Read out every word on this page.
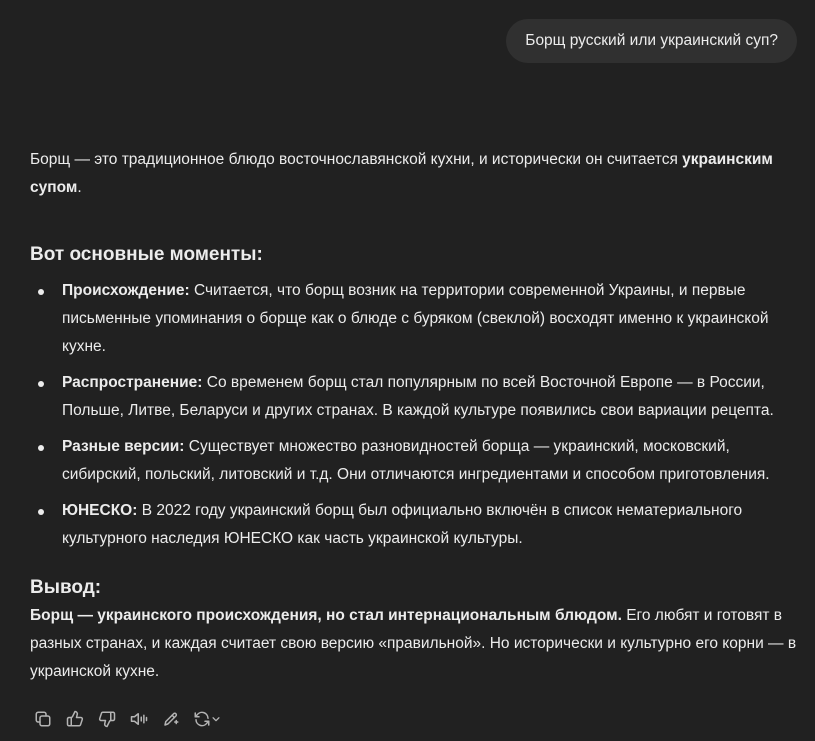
Борщ русский или украинский суп?

Борщ — это традиционное блюдо восточнославянской кухни, и исторически он считается украинским супом.

Вот основные моменты:
Происхождение: Считается, что борщ возник на территории современной Украины, и первые письменные упоминания о борще как о блюде с буряком (свеклой) восходят именно к украинской кухне.
Распространение: Со временем борщ стал популярным по всей Восточной Европе — в России, Польше, Литве, Беларуси и других странах. В каждой культуре появились свои вариации рецепта.
Разные версии: Существует множество разновидностей борща — украинский, московский, сибирский, польский, литовский и т.д. Они отличаются ингредиентами и способом приготовления.
ЮНЕСКО: В 2022 году украинский борщ был официально включён в список нематериального культурного наследия ЮНЕСКО как часть украинской культуры.
Вывод:

Борщ — украинского происхождения, но стал интернациональным блюдом. Его любят и готовят в разных странах, и каждая считает свою версию «правильной». Но исторически и культурно его корни — в украинской кухне.
